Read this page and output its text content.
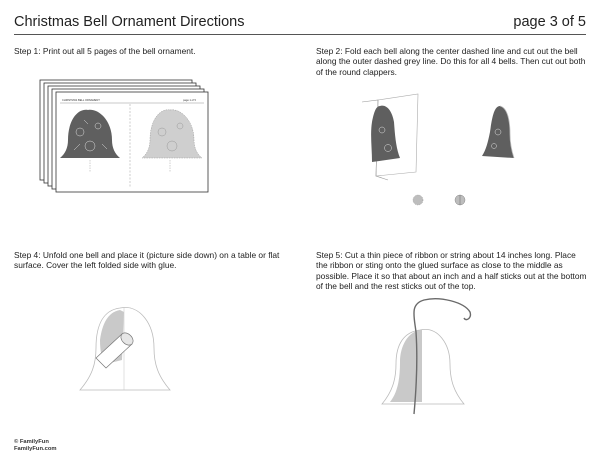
Christmas Bell Ornament Directions	page 3 of 5
Step 1: Print out all 5 pages of the bell ornament.	Step 2: Fold each bell along the center dashed line and cut out the bell along the outer dashed grey line. Do this for all 4 bells. Then cut out both of the round clappers.
Step 4: Unfold one bell and place it (picture side down) on a table or flat surface. Cover the left folded side with glue.
Step 5: Cut a thin piece of ribbon or string about 14 inches long. Place the ribbon or sting onto the glued surface as close to the middle as possible. Place it so that about an inch and a half sticks out at the bottom of the bell and the rest sticks out of the top.
CHRISTMAS BELL ORNAMENT	page 1 of 5
© FamilyFun
FamilyFun.com
